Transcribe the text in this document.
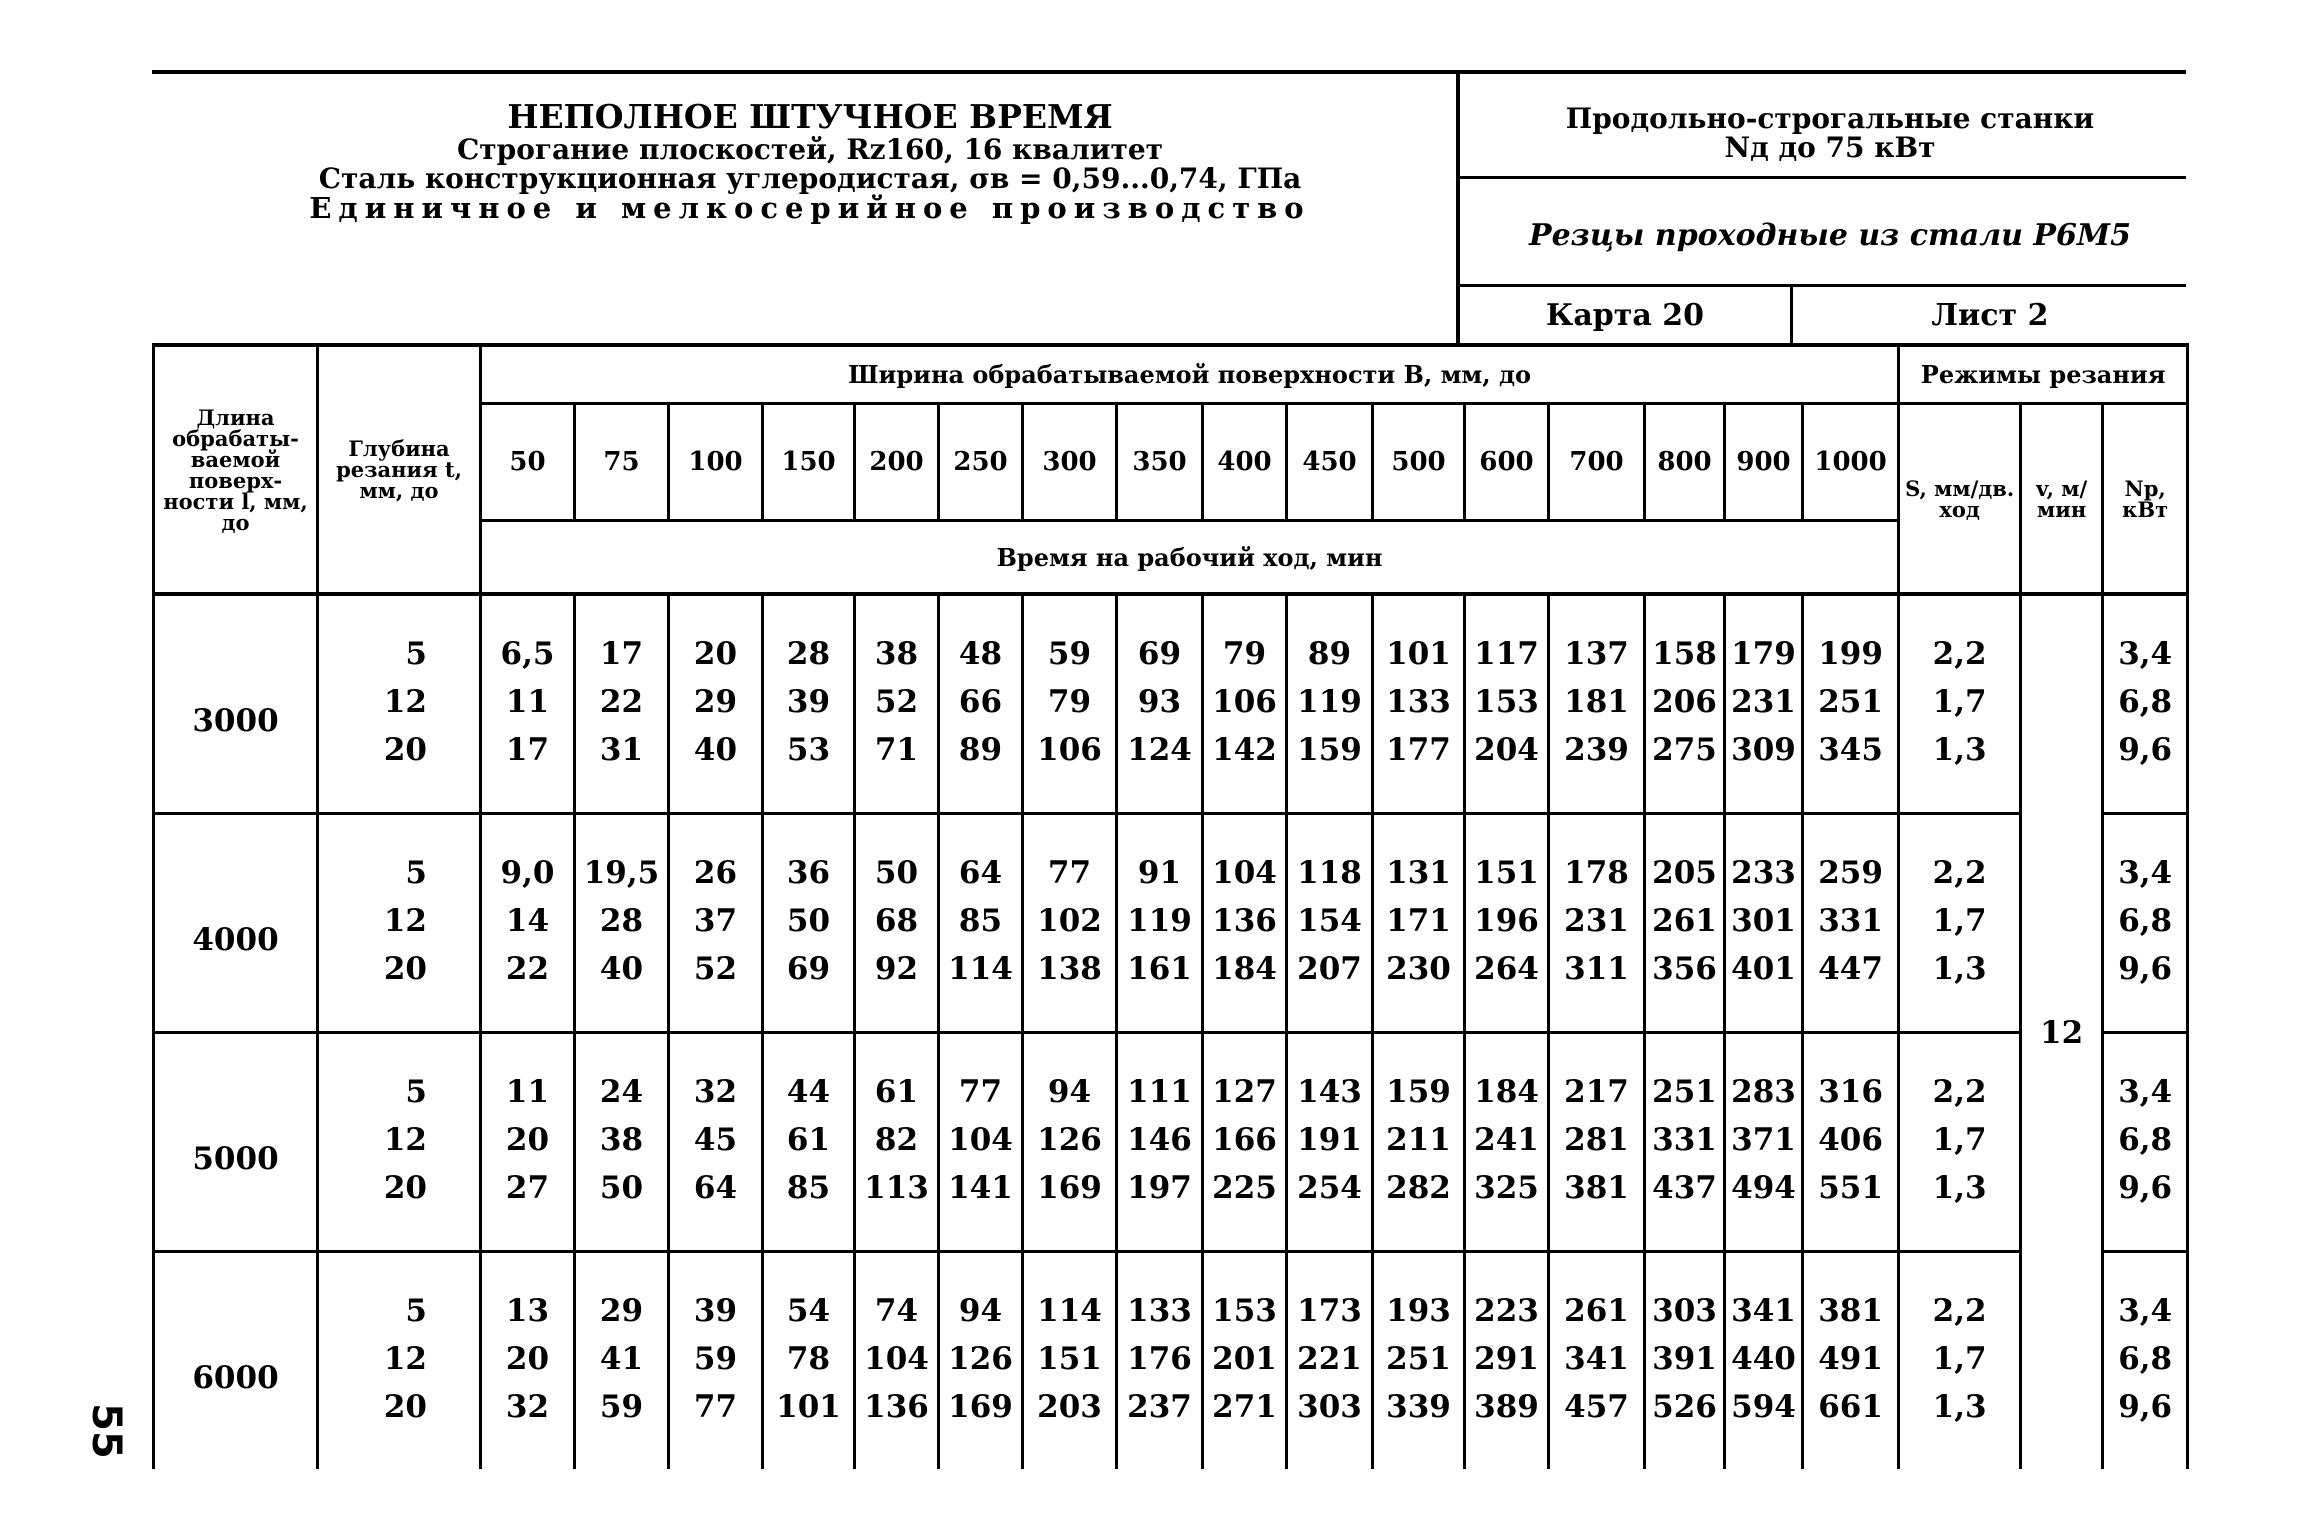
НЕПОЛНОЕ ШТУЧНОЕ ВРЕМЯ
Строгание плоскостей, Rz160, 16 квалитет
Сталь конструкционная углеродистая, σв = 0,59...0,74, ГПа
Единичное и мелкосерийное производство
Продольно-строгальные станки
Nд до 75 кВт
Резцы проходные из стали Р6М5
Карта 20	Лист 2
Длина обрабаты-ваемой поверх-ности l, мм, до	Глубина резания t, мм, до	Ширина обрабатываемой поверхности B, мм, до																Режимы резания		
		50	75	100	150	200	250	300	350	400	450	500	600	700	800	900	1000	S, мм/дв. ход	v, м/мин	Nр, кВт
		Время на рабочий ход, мин																		
3000	5	6,5	17	20	28	38	48	59	69	79	89	101	117	137	158	179	199	2,2	12	3,4
	12	11	22	29	39	52	66	79	93	106	119	133	153	181	206	231	251	1,7		6,8
	20	17	31	40	53	71	89	106	124	142	159	177	204	239	275	309	345	1,3		9,6
4000	5	9,0	19,5	26	36	50	64	77	91	104	118	131	151	178	205	233	259	2,2		3,4
	12	14	28	37	50	68	85	102	119	136	154	171	196	231	261	301	331	1,7		6,8
	20	22	40	52	69	92	114	138	161	184	207	230	264	311	356	401	447	1,3		9,6
5000	5	11	24	32	44	61	77	94	111	127	143	159	184	217	251	283	316	2,2		3,4
	12	20	38	45	61	82	104	126	146	166	191	211	241	281	331	371	406	1,7		6,8
	20	27	50	64	85	113	141	169	197	225	254	282	325	381	437	494	551	1,3		9,6
6000	5	13	29	39	54	74	94	114	133	153	173	193	223	261	303	341	381	2,2		3,4
	12	20	41	59	78	104	126	151	176	201	221	251	291	341	391	440	491	1,7		6,8
	20	32	59	77	101	136	169	203	237	271	303	339	389	457	526	594	661	1,3		9,6
55
